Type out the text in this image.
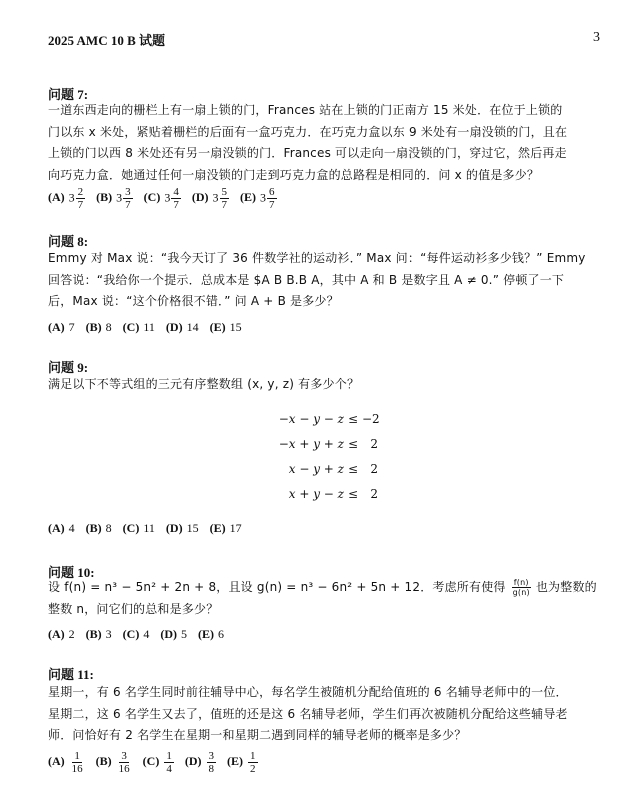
2025 AMC 10 B 试题	3
问题 7:
一道东西走向的栅栏上有一扇上锁的门，Frances 站在上锁的门正南方 15 米处．在位于上锁的
门以东 x 米处，紧贴着栅栏的后面有一盒巧克力．在巧克力盒以东 9 米处有一扇没锁的门，且在
上锁的门以西 8 米处还有另一扇没锁的门．Frances 可以走向一扇没锁的门，穿过它，然后再走
向巧克力盒．她通过任何一扇没锁的门走到巧克力盒的总路程是相同的．问 x 的值是多少？
(A) $3 \frac{2}{7} (B)$ $3 \frac{3}{7} (C)$ $3 \frac{4}{7} (D)$ $3 \frac{5}{7} (E)$ $3 \frac{6}{7}$
问题 8:
Emmy 对 Max 说：“我今天订了 36 件数学社的运动衫．” Max 问：“每件运动衫多少钱？” Emmy
回答说：“我给你一个提示．总成本是 $A B B.B A，其中 A 和 B 是数字且 A ≠ 0.” 停顿了一下
后，Max 说：“这个价格很不错．” 问 A + B 是多少？
(A) 7 (B) 8 (C) 11 (D) 14 (E) 15
问题 9:
满足以下不等式组的三元有序整数组 (x, y, z) 有多少个？
−x − y − z ≤ −2
−x + y + z ≤	2
x − y + z ≤	2
x + y − z ≤	2
(A) 4 (B) 8 (C) 11 (D) 15 (E) 17
问题 10:
设 f(n) = n³ − 5n² + 2n + 8，且设 g(n) = n³ − 6n² + 5n + 12．考虑所有使得 $\frac{f(n)}{g(n)}$ 也为整数的
整数 n，问它们的总和是多少？
(A) 2 (B) 3 (C) 4 (D) 5 (E) 6
问题 11:
星期一，有 6 名学生同时前往辅导中心，每名学生被随机分配给值班的 6 名辅导老师中的一位．
星期二，这 6 名学生又去了，值班的还是这 6 名辅导老师，学生们再次被随机分配给这些辅导老
师．问恰好有 2 名学生在星期一和星期二遇到同样的辅导老师的概率是多少？
$(A) \frac{1}{16} (B) \frac{3}{16} (C) \frac{1}{4} (D) \frac{3}{8} (E) \frac{1}{2}$
